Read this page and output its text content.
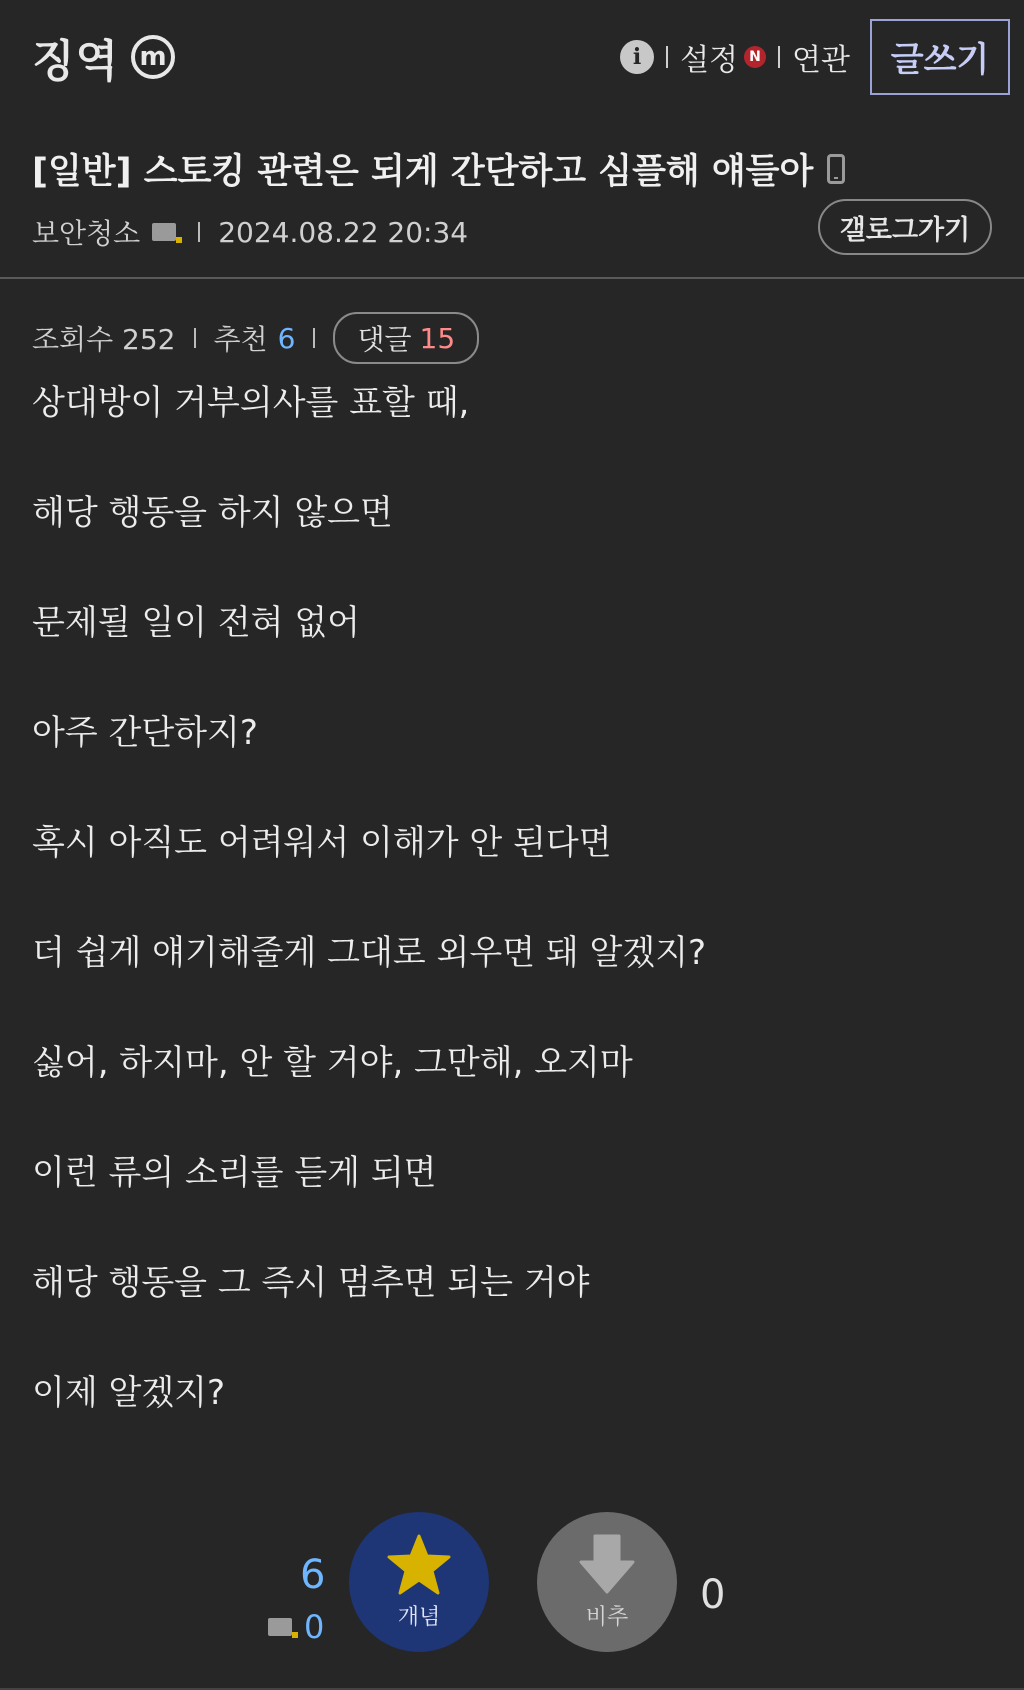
징역 m	i	설정 N 연관	글쓰기
[일반] 스토킹 관련은 되게 간단하고 심플해 얘들아
보안청소	2024.08.22 20:34	갤로그가기
조회수 252 추천 6 댓글 15
상대방이 거부의사를 표할 때,
해당 행동을 하지 않으면
문제될 일이 전혀 없어
아주 간단하지?
혹시 아직도 어려워서 이해가 안 된다면
더 쉽게 얘기해줄게 그대로 외우면 돼 알겠지?
싫어, 하지마, 안 할 거야, 그만해, 오지마
이런 류의 소리를 듣게 되면
해당 행동을 그 즉시 멈추면 되는 거야
이제 알겠지?
6
0	개념	비추 0
